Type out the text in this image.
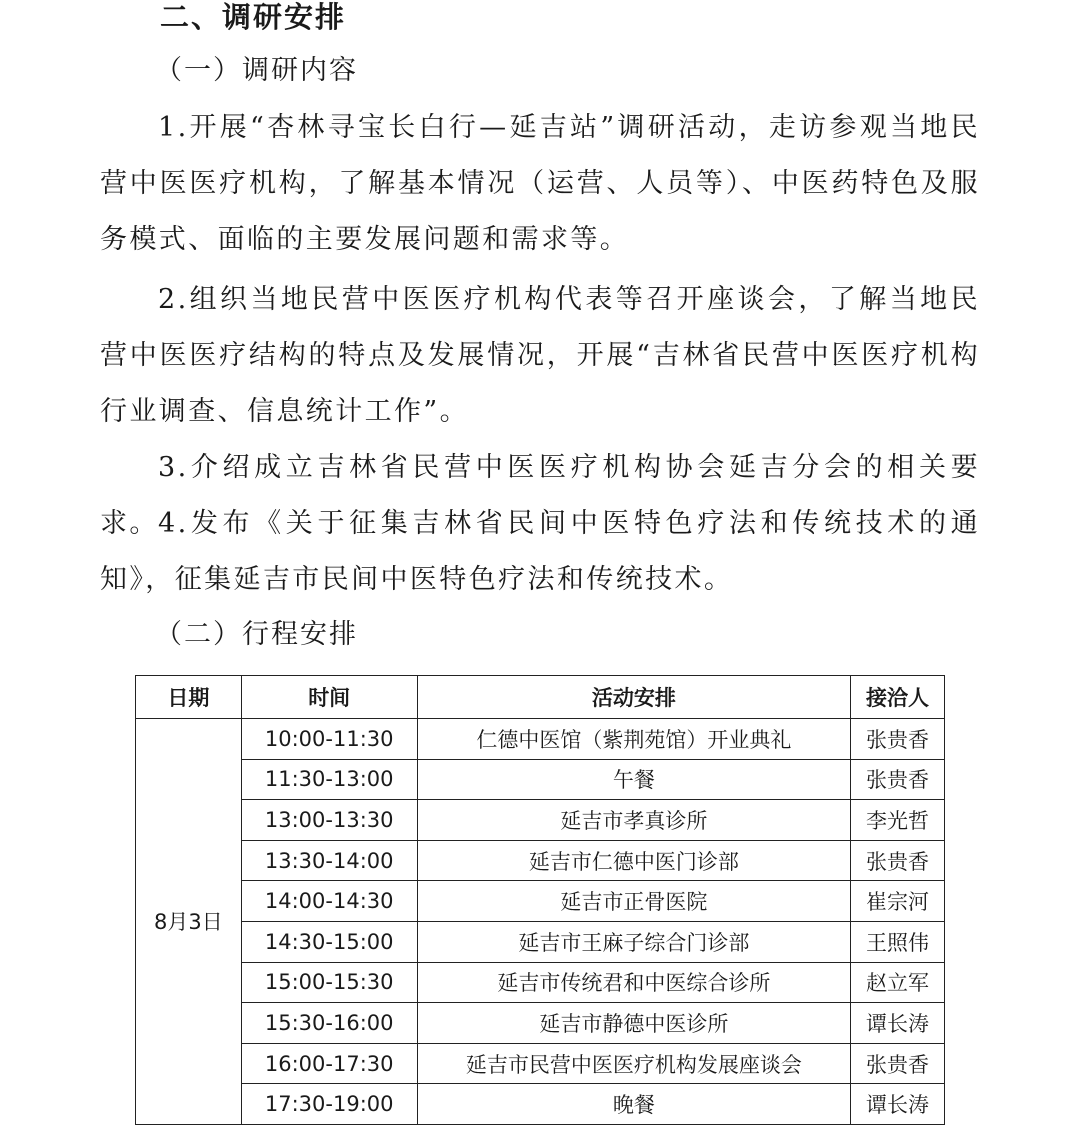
二、调研安排
（一）调研内容
1.开展“杏林寻宝长白行—延吉站”调研活动，走访参观当地民营中医医疗机构，了解基本情况（运营、人员等）、中医药特色及服务模式、面临的主要发展问题和需求等。
2.组织当地民营中医医疗机构代表等召开座谈会，了解当地民营中医医疗结构的特点及发展情况，开展“吉林省民营中医医疗机构行业调查、信息统计工作”。
3.介绍成立吉林省民营中医医疗机构协会延吉分会的相关要求。 4.发布《关于征集吉林省民间中医特色疗法和传统技术的通知》，征集延吉市民间中医特色疗法和传统技术。
（二）行程安排
日期	时间	活动安排	接洽人
8月3日	10:00-11:30	仁德中医馆（紫荆苑馆）开业典礼	张贵香
	11:30-13:00	午餐	张贵香
	13:00-13:30	延吉市孝真诊所	李光哲
	13:30-14:00	延吉市仁德中医门诊部	张贵香
	14:00-14:30	延吉市正骨医院	崔宗河
	14:30-15:00	延吉市王麻子综合门诊部	王照伟
	15:00-15:30	延吉市传统君和中医综合诊所	赵立军
	15:30-16:00	延吉市静德中医诊所	谭长涛
	16:00-17:30	延吉市民营中医医疗机构发展座谈会	张贵香
	17:30-19:00	晚餐	谭长涛
